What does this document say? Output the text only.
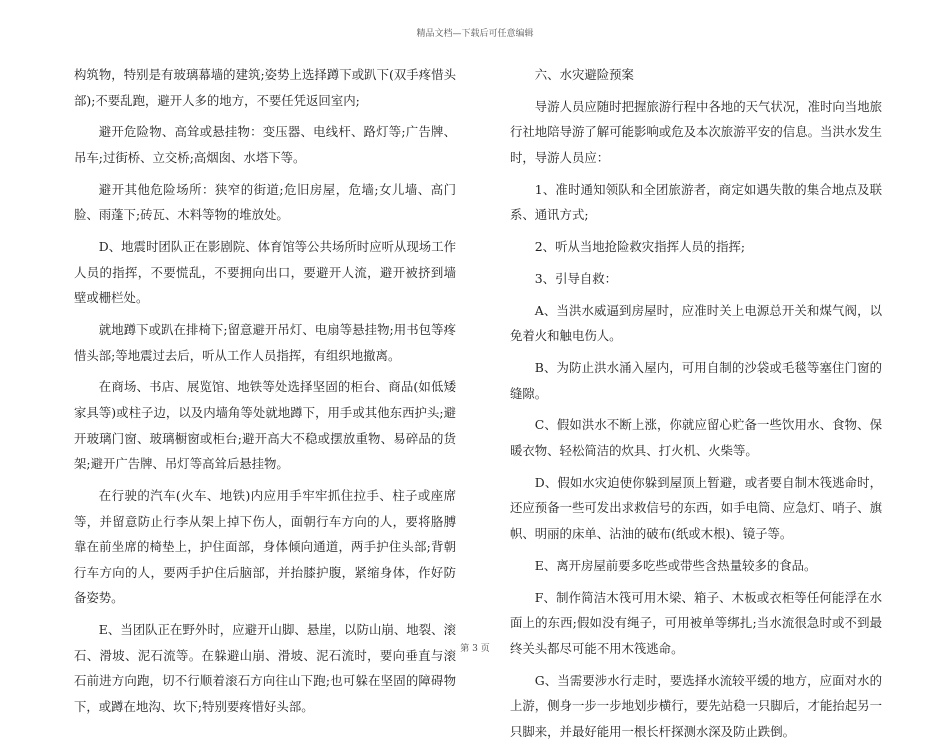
精品文档—下载后可任意编辑

构筑物，特别是有玻璃幕墙的建筑;姿势上选择蹲下或趴下(双手疼惜头部);不要乱跑，避开人多的地方，不要任凭返回室内;

避开危险物、高耸或悬挂物：变压器、电线杆、路灯等;广告牌、吊车;过街桥、立交桥;高烟囱、水塔下等。

避开其他危险场所：狭窄的街道;危旧房屋，危墙;女儿墙、高门脸、雨蓬下;砖瓦、木料等物的堆放处。

D、地震时团队正在影剧院、体育馆等公共场所时应听从现场工作人员的指挥，不要慌乱，不要拥向出口，要避开人流，避开被挤到墙壁或栅栏处。

就地蹲下或趴在排椅下;留意避开吊灯、电扇等悬挂物;用书包等疼惜头部;等地震过去后，听从工作人员指挥，有组织地撤离。

在商场、书店、展览馆、地铁等处选择坚固的柜台、商品(如低矮家具等)或柱子边，以及内墙角等处就地蹲下，用手或其他东西护头;避开玻璃门窗、玻璃橱窗或柜台;避开高大不稳或摆放重物、易碎品的货架;避开广告牌、吊灯等高耸后悬挂物。

在行驶的汽车(火车、地铁)内应用手牢牢抓住拉手、柱子或座席等，并留意防止行李从架上掉下伤人，面朝行车方向的人，要将胳膊靠在前坐席的椅垫上，护住面部，身体倾向通道，两手护住头部;背朝行车方向的人，要两手护住后脑部，并抬膝护腹，紧缩身体，作好防备姿势。

E、当团队正在野外时，应避开山脚、悬崖，以防山崩、地裂、滚石、滑坡、泥石流等。在躲避山崩、滑坡、泥石流时，要向垂直与滚石前进方向跑，切不行顺着滚石方向往山下跑;也可躲在坚固的障碍物下，或蹲在地沟、坎下;特别要疼惜好头部。

六、水灾避险预案

导游人员应随时把握旅游行程中各地的天气状况，准时向当地旅行社地陪导游了解可能影响或危及本次旅游平安的信息。当洪水发生时，导游人员应：

1、准时通知领队和全团旅游者，商定如遇失散的集合地点及联系、通讯方式;

2、听从当地抢险救灾指挥人员的指挥;

3、引导自救：

A、当洪水威逼到房屋时，应准时关上电源总开关和煤气阀，以免着火和触电伤人。

B、为防止洪水涌入屋内，可用自制的沙袋或毛毯等塞住门窗的缝隙。

C、假如洪水不断上涨，你就应留心贮备一些饮用水、食物、保暖衣物、轻松简洁的炊具、打火机、火柴等。

D、假如水灾迫使你躲到屋顶上暂避，或者要自制木筏逃命时，还应预备一些可发出求救信号的东西，如手电筒、应急灯、哨子、旗帜、明丽的床单、沾油的破布(纸或木根)、镜子等。

E、离开房屋前要多吃些或带些含热量较多的食品。

F、制作简洁木筏可用木梁、箱子、木板或衣柜等任何能浮在水面上的东西;假如没有绳子，可用被单等绑扎;当水流很急时或不到最终关头都尽可能不用木筏逃命。

G、当需要涉水行走时，要选择水流较平缓的地方，应面对水的上游，侧身一步一步地划步横行，要先站稳一只脚后，才能抬起另一只脚来，并最好能用一根长杆探测水深及防止跌倒。

第 3 页
